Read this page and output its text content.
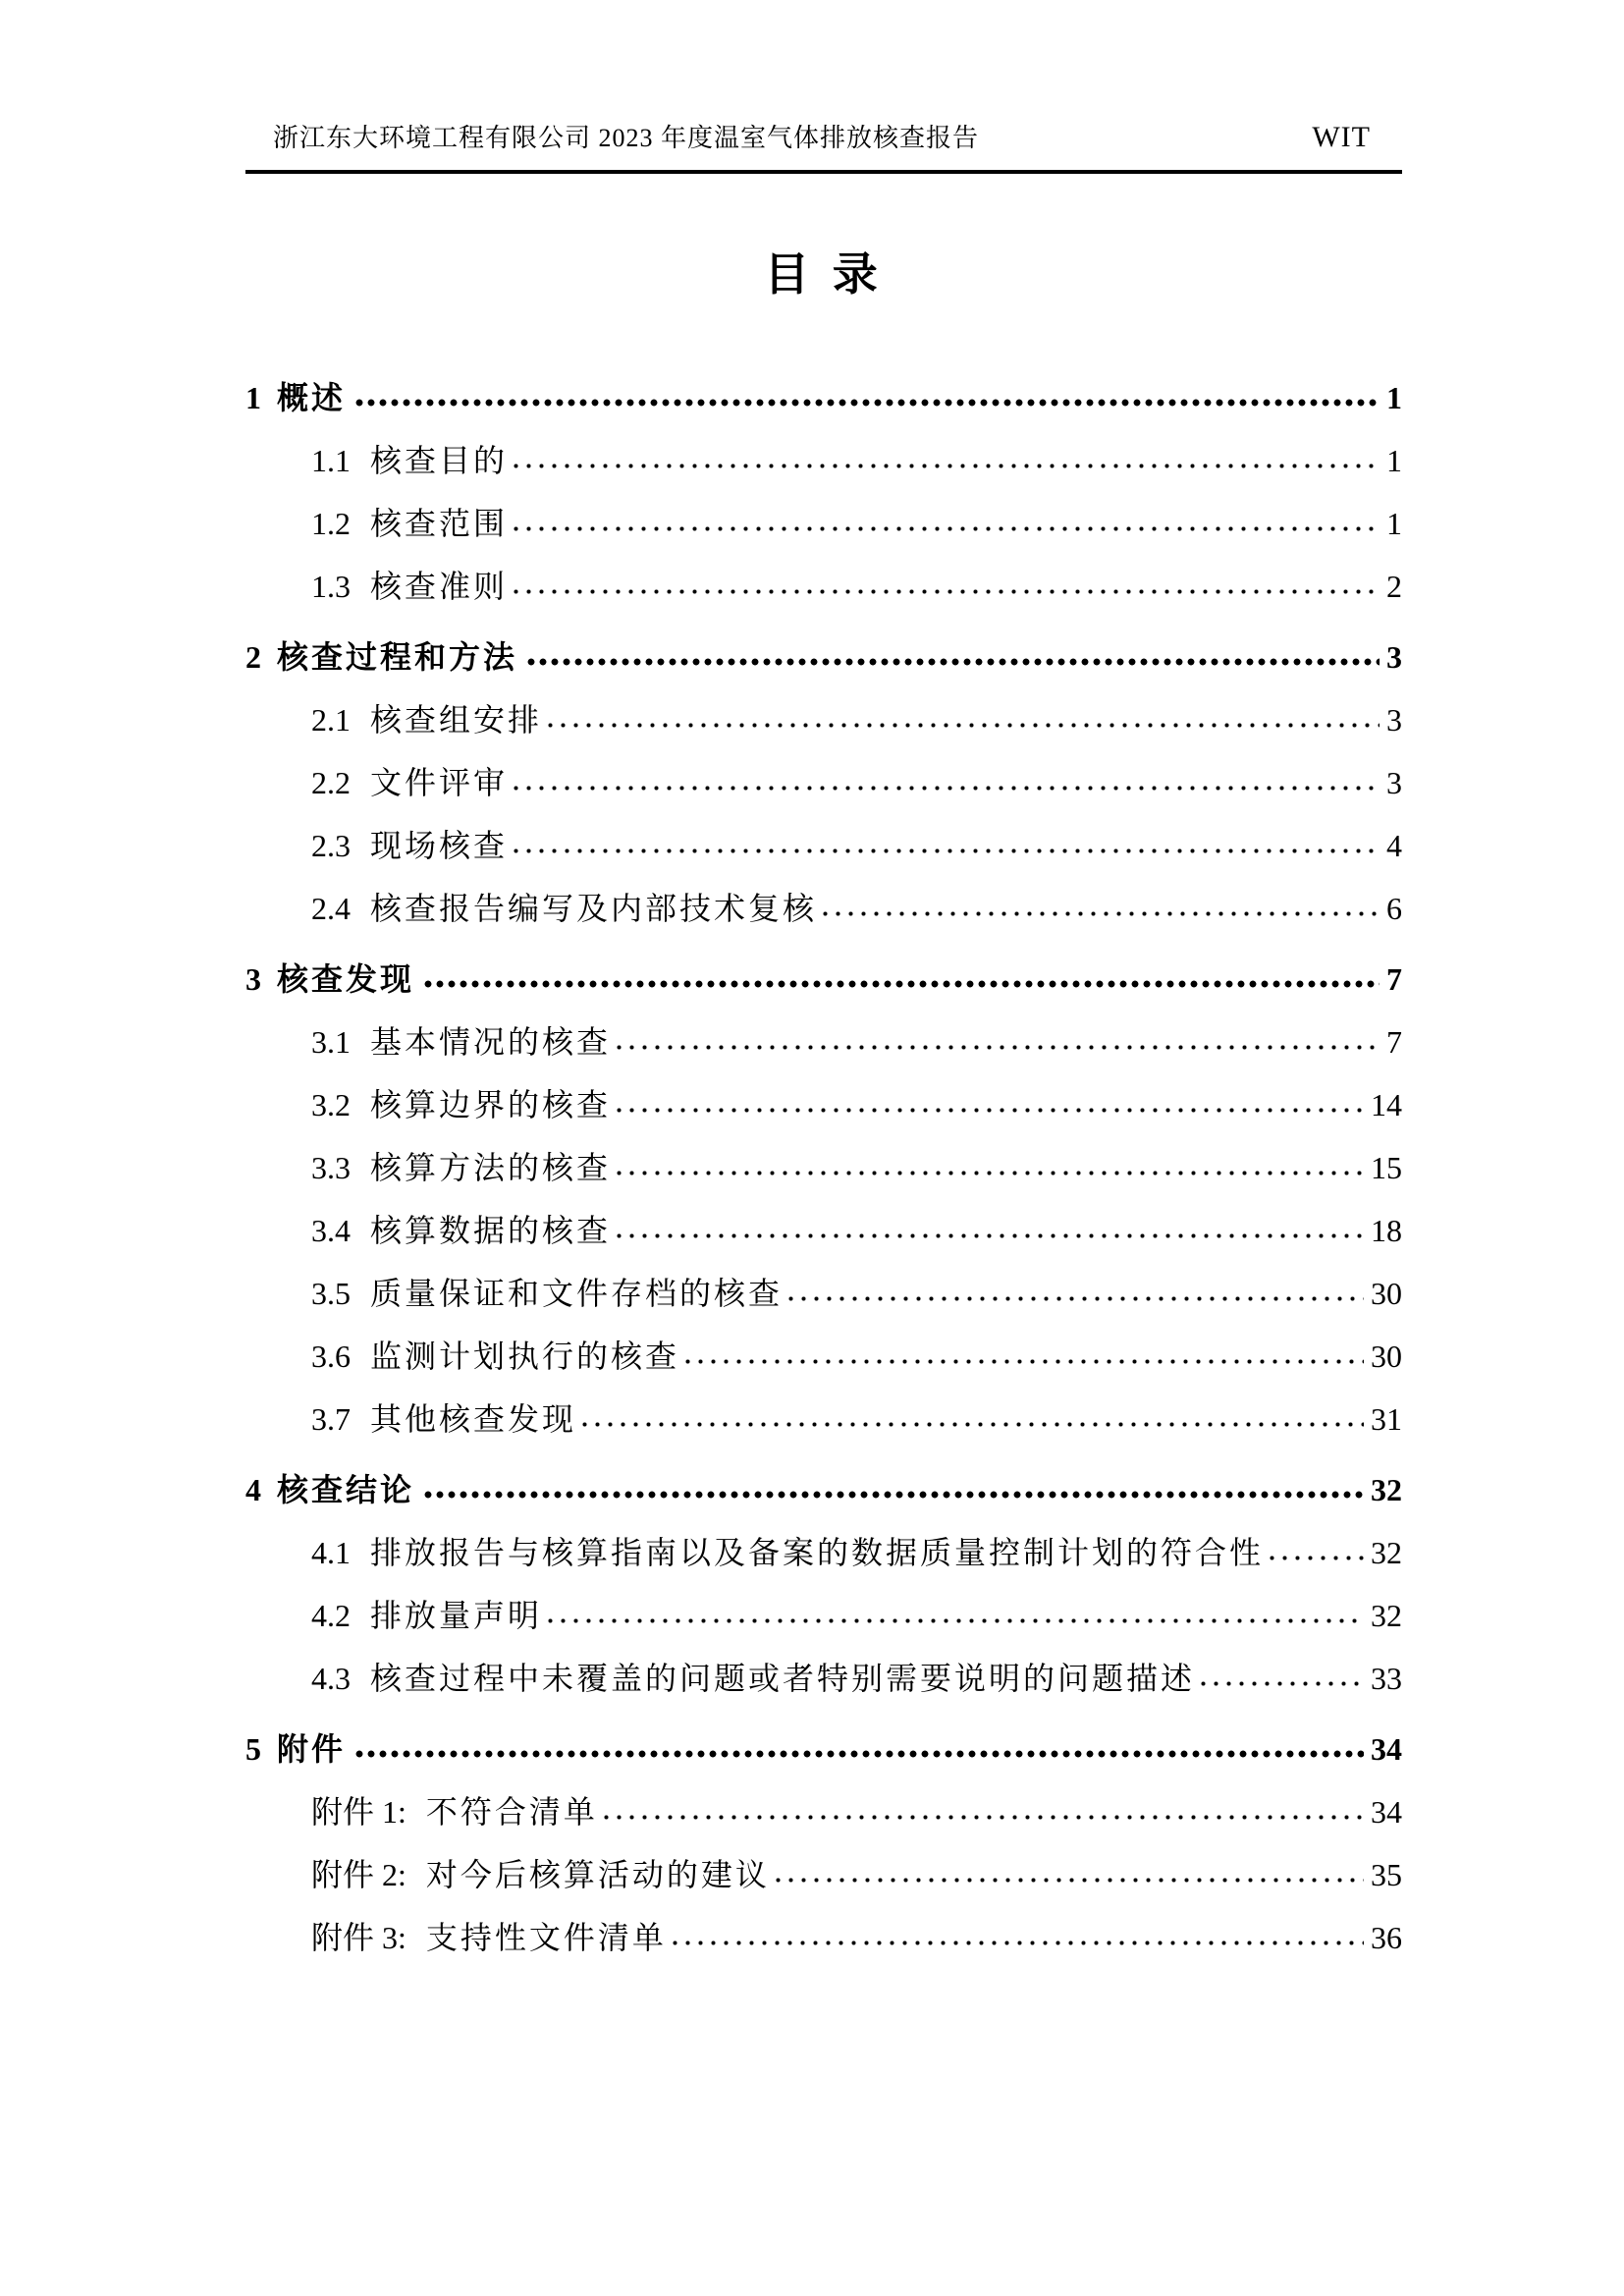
浙江东大环境工程有限公司 2023 年度温室气体排放核查报告	WIT
目 录
1 概述	1
1.1 核查目的	1
1.2 核查范围	1
1.3 核查准则	2
2 核查过程和方法	3
2.1 核查组安排	3
2.2 文件评审	3
2.3 现场核查	4
2.4 核查报告编写及内部技术复核	6
3 核查发现	7
3.1 基本情况的核查	7
3.2 核算边界的核查	14
3.3 核算方法的核查	15
3.4 核算数据的核查	18
3.5 质量保证和文件存档的核查	30
3.6 监测计划执行的核查	30
3.7 其他核查发现	31
4 核查结论	32
4.1 排放报告与核算指南以及备案的数据质量控制计划的符合性	32
4.2 排放量声明	32
4.3 核查过程中未覆盖的问题或者特别需要说明的问题描述	33
5 附件	34
附件 1: 不符合清单	34
附件 2: 对今后核算活动的建议	35
附件 3: 支持性文件清单	36
